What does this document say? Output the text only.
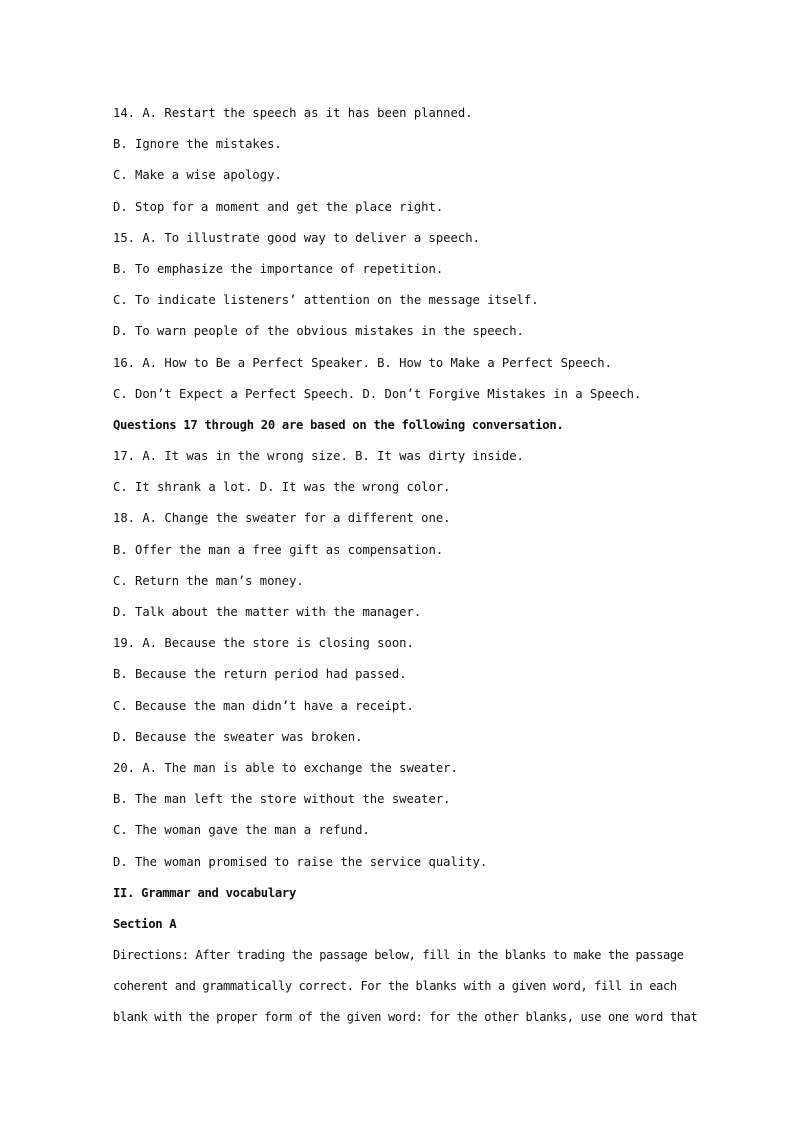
14. A. Restart the speech as it has been planned.
B. Ignore the mistakes.
C. Make a wise apology.
D. Stop for a moment and get the place right.
15. A. To illustrate good way to deliver a speech.
B. To emphasize the importance of repetition.
C. To indicate listeners’ attention on the message itself.
D. To warn people of the obvious mistakes in the speech.
16. A. How to Be a Perfect Speaker. B. How to Make a Perfect Speech.
C. Don’t Expect a Perfect Speech. D. Don’t Forgive Mistakes in a Speech.
Questions 17 through 20 are based on the following conversation.
17. A. It was in the wrong size. B. It was dirty inside.
C. It shrank a lot. D. It was the wrong color.
18. A. Change the sweater for a different one.
B. Offer the man a free gift as compensation.
C. Return the man’s money.
D. Talk about the matter with the manager.
19. A. Because the store is closing soon.
B. Because the return period had passed.
C. Because the man didn’t have a receipt.
D. Because the sweater was broken.
20. A. The man is able to exchange the sweater.
B. The man left the store without the sweater.
C. The woman gave the man a refund.
D. The woman promised to raise the service quality.
II. Grammar and vocabulary
Section A
Directions: After trading the passage below, fill in the blanks to make the passage
coherent and grammatically correct. For the blanks with a given word, fill in each
blank with the proper form of the given word: for the other blanks, use one word that
